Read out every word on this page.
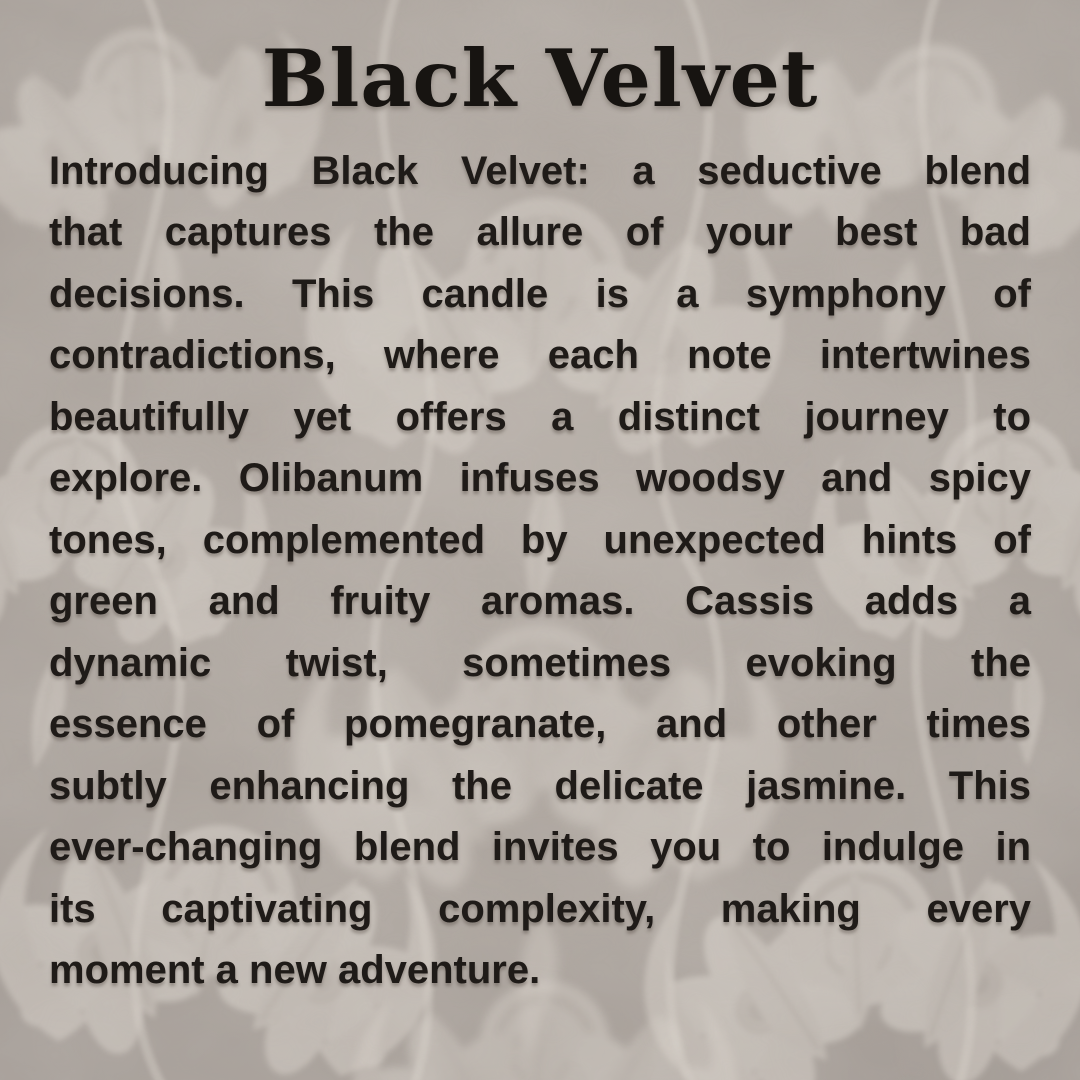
Black Velvet
Introducing Black Velvet: a seductive blend
that captures the allure of your best bad
decisions. This candle is a symphony of
contradictions, where each note intertwines
beautifully yet offers a distinct journey to
explore. Olibanum infuses woodsy and spicy
tones, complemented by unexpected hints of
green and fruity aromas. Cassis adds a
dynamic twist, sometimes evoking the
essence of pomegranate, and other times
subtly enhancing the delicate jasmine. This
ever-changing blend invites you to indulge in
its captivating complexity, making every
moment a new adventure.
